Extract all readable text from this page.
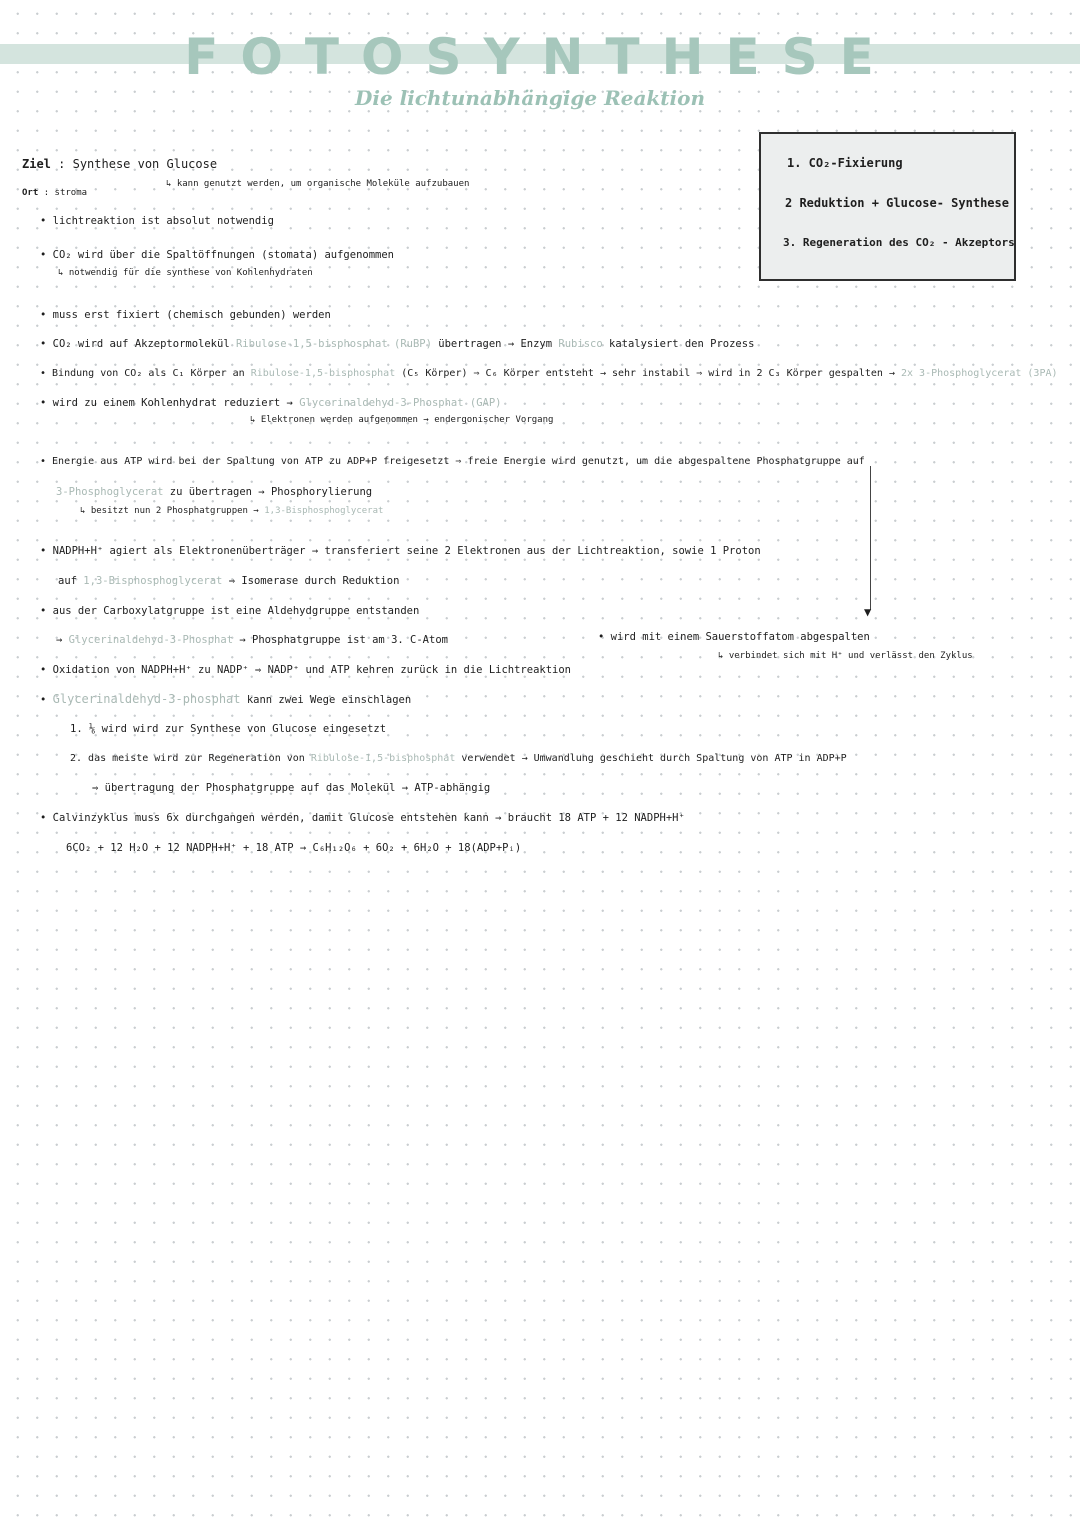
FOTOSYNTHESE
Die lichtunabhängige Reaktion
1. CO₂-Fixierung
2 Reduktion + Glucose- Synthese
3. Regeneration des CO₂ - Akzeptors
Ziel : Synthese von Glucose
↳ kann genutzt werden, um organische Moleküle aufzubauen
Ort : stroma
• lichtreaktion ist absolut notwendig
• CO₂ wird über die Spaltöffnungen (stomata) aufgenommen
↳ notwendig für die synthese von Kohlenhydraten
• muss erst fixiert (chemisch gebunden) werden
• CO₂ wird auf Akzeptormolekül Ribulose-1,5-bisphosphat (RuBP) übertragen → Enzym Rubisco katalysiert den Prozess
• Bindung von CO₂ als C₁ Körper an Ribulose-1,5-bisphosphat (C₅ Körper) ⇒ C₆ Körper entsteht → sehr instabil ⇒ wird in 2 C₃ Körper gespalten → 2x 3-Phosphoglycerat (3PA)
• wird zu einem Kohlenhydrat reduziert → Glycerinaldehyd-3-Phosphat (GAP)
↳ Elektronen werden aufgenommen → endergonischer Vorgang
• Energie aus ATP wird bei der Spaltung von ATP zu ADP+P freigesetzt ⇒ freie Energie wird genutzt, um die abgespaltene Phosphatgruppe auf
3-Phosphoglycerat zu übertragen → Phosphorylierung
↳ besitzt nun 2 Phosphatgruppen → 1,3-Bisphosphoglycerat
• NADPH+H⁺ agiert als Elektronenüberträger → transferiert seine 2 Elektronen aus der Lichtreaktion, sowie 1 Proton
auf 1,3-Bisphosphoglycerat ⇒ Isomerase durch Reduktion
• aus der Carboxylatgruppe ist eine Aldehydgruppe entstanden
→ Glycerinaldehyd-3-Phosphat → Phosphatgruppe ist am 3. C-Atom
▼
• wird mit einem Sauerstoffatom abgespalten
↳ verbindet sich mit H⁺ und verlässt den Zyklus
• Oxidation von NADPH+H⁺ zu NADP⁺ ⇒ NADP⁺ und ATP kehren zurück in die Lichtreaktion
• Glycerinaldehyd-3-phosphat kann zwei Wege einschlagen
1. ⅙ wird wird zur Synthese von Glucose eingesetzt
2. das meiste wird zur Regeneration von Ribulose-1,5-bisphosphat verwendet → Umwandlung geschieht durch Spaltung von ATP in ADP+P
⇒ übertragung der Phosphatgruppe auf das Molekül → ATP-abhängig
• Calvinzyklus muss 6x durchgangen werden, damit Glucose entstehen kann → braucht 18 ATP + 12 NADPH+H⁺
6CO₂ + 12 H₂O + 12 NADPH+H⁺ + 18 ATP → C₆H₁₂O₆ + 6O₂ + 6H₂O + 18(ADP+Pᵢ)
